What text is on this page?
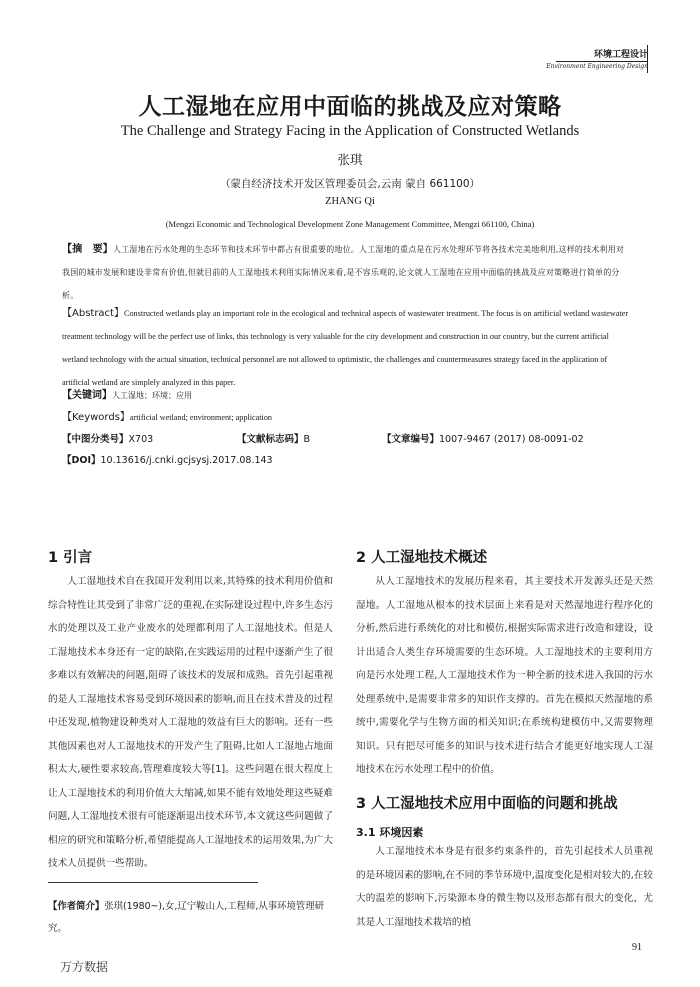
环境工程设计
Environment Engineering Design
人工湿地在应用中面临的挑战及应对策略
The Challenge and Strategy Facing in the Application of Constructed Wetlands
张琪
（蒙自经济技术开发区管理委员会,云南 蒙自 661100）
ZHANG Qi
(Mengzi Economic and Technological Development Zone Management Committee, Mengzi 661100, China)
【摘　要】人工湿地在污水处理的生态环节和技术环节中都占有很重要的地位。人工湿地的重点是在污水处理环节将各技术完美地利用,这样的技术利用对我国的城市发展和建设非常有价值,但就目前的人工湿地技术利用实际情况来看,是不容乐观的,论文就人工湿地在应用中面临的挑战及应对策略进行简单的分析。
【Abstract】Constructed wetlands play an important role in the ecological and technical aspects of wastewater treatment. The focus is on artificial wetland wastewater treatment technology will be the perfect use of links, this technology is very valuable for the city development and construction in our country, but the current artificial wetland technology with the actual situation, technical personnel are not allowed to optimistic, the challenges and countermeasures strategy faced in the application of artificial wetland are simplely analyzed in this paper.
【关键词】人工湿地；环境；应用
【Keywords】artificial wetland; environment; application
【中图分类号】X703	【文献标志码】B	【文章编号】1007-9467 (2017) 08-0091-02
【DOI】10.13616/j.cnki.gcjsysj.2017.08.143
1 引言

人工湿地技术自在我国开发利用以来,其特殊的技术利用价值和综合特性让其受到了非常广泛的重视,在实际建设过程中,许多生态污水的处理以及工业产业废水的处理都利用了人工湿地技术。但是人工湿地技术本身还有一定的缺陷,在实践运用的过程中逐渐产生了很多难以有效解决的问题,阻碍了该技术的发展和成熟。首先引起重视的是人工湿地技术容易受到环境因素的影响,而且在技术普及的过程中还发现,植物建设种类对人工湿地的效益有巨大的影响。还有一些其他因素也对人工湿地技术的开发产生了阻碍,比如人工湿地占地面积太大,硬性要求较高,管理难度较大等[1]。这些问题在很大程度上让人工湿地技术的利用价值大大缩减,如果不能有效地处理这些疑难问题,人工湿地技术很有可能逐渐退出技术环节,本文就这些问题做了相应的研究和策略分析,希望能提高人工湿地技术的运用效果,为广大技术人员提供一些帮助。

【作者简介】张琪(1980~),女,辽宁鞍山人,工程师,从事环境管理研究。
2 人工湿地技术概述

从人工湿地技术的发展历程来看，其主要技术开发源头还是天然湿地。人工湿地从根本的技术层面上来看是对天然湿地进行程序化的分析,然后进行系统化的对比和模仿,根据实际需求进行改造和建设，设计出适合人类生存环境需要的生态环境。人工湿地技术的主要利用方向是污水处理工程,人工湿地技术作为一种全新的技术进入我国的污水处理系统中,是需要非常多的知识作支撑的。首先在模拟天然湿地的系统中,需要化学与生物方面的相关知识;在系统构建模仿中,又需要物理知识。只有把尽可能多的知识与技术进行结合才能更好地实现人工湿地技术在污水处理工程中的价值。

3 人工湿地技术应用中面临的问题和挑战
3.1 环境因素

人工湿地技术本身是有很多约束条件的，首先引起技术人员重视的是环境因素的影响,在不同的季节环境中,温度变化是相对较大的,在较大的温差的影响下,污染源本身的微生物以及形态都有很大的变化，尤其是人工湿地技术栽培的植

91
万方数据
